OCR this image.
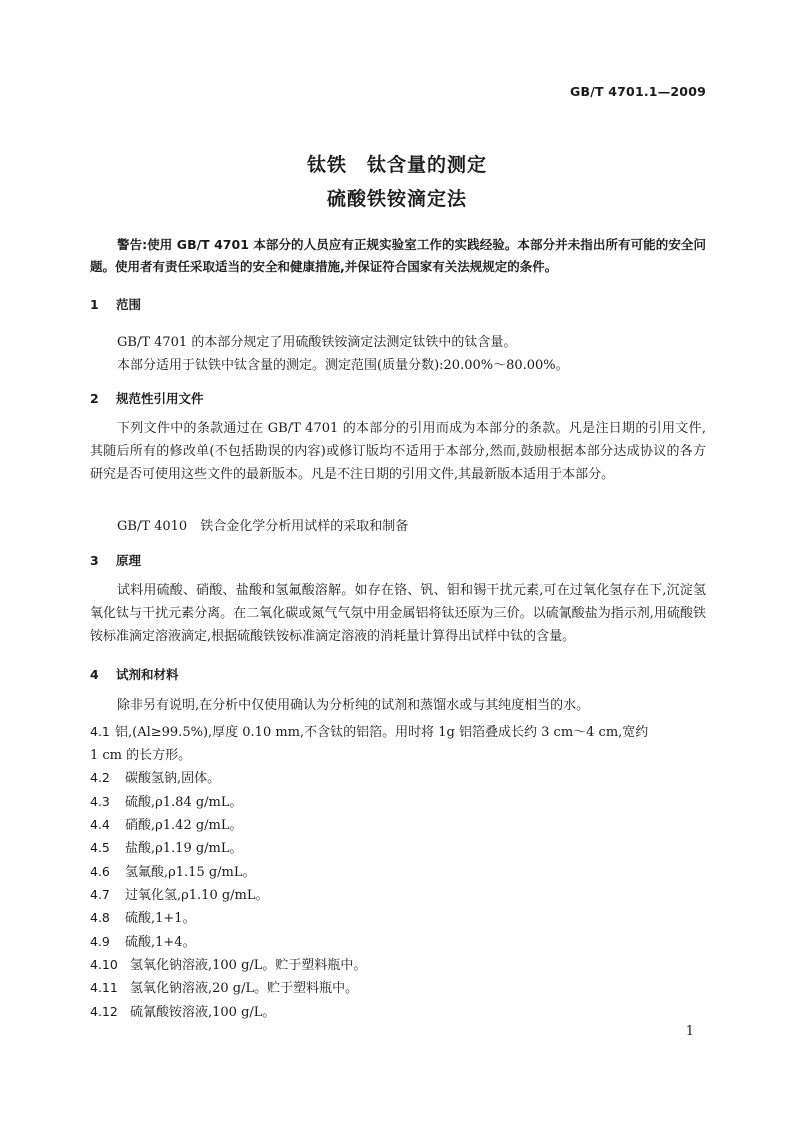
GB/T 4701.1—2009
钛铁　钛含量的测定
硫酸铁铵滴定法
警告:使用 GB/T 4701 本部分的人员应有正规实验室工作的实践经验。本部分并未指出所有可能的安全问题。使用者有责任采取适当的安全和健康措施,并保证符合国家有关法规规定的条件。
1 范围
GB/T 4701 的本部分规定了用硫酸铁铵滴定法测定钛铁中的钛含量。
本部分适用于钛铁中钛含量的测定。测定范围(质量分数):20.00%～80.00%。
2 规范性引用文件
下列文件中的条款通过在 GB/T 4701 的本部分的引用而成为本部分的条款。凡是注日期的引用文件,其随后所有的修改单(不包括勘误的内容)或修订版均不适用于本部分,然而,鼓励根据本部分达成协议的各方研究是否可使用这些文件的最新版本。凡是不注日期的引用文件,其最新版本适用于本部分。
GB/T 4010　铁合金化学分析用试样的采取和制备
3 原理
试料用硫酸、硝酸、盐酸和氢氟酸溶解。如存在铬、钒、钼和锡干扰元素,可在过氧化氢存在下,沉淀氢氧化钛与干扰元素分离。在二氧化碳或氮气气氛中用金属铝将钛还原为三价。以硫氰酸盐为指示剂,用硫酸铁铵标准滴定溶液滴定,根据硫酸铁铵标准滴定溶液的消耗量计算得出试样中钛的含量。
4 试剂和材料
除非另有说明,在分析中仅使用确认为分析纯的试剂和蒸馏水或与其纯度相当的水。
4.1 铝,(Al≥99.5%),厚度 0.10 mm,不含钛的铝箔。用时将 1g 铝箔叠成长约 3 cm～4 cm,宽约
1 cm 的长方形。
4.2 碳酸氢钠,固体。
4.3 硫酸,ρ1.84 g/mL。
4.4 硝酸,ρ1.42 g/mL。
4.5 盐酸,ρ1.19 g/mL。
4.6 氢氟酸,ρ1.15 g/mL。
4.7 过氧化氢,ρ1.10 g/mL。
4.8 硫酸,1+1。
4.9 硫酸,1+4。
4.10 氢氧化钠溶液,100 g/L。贮于塑料瓶中。
4.11 氢氧化钠溶液,20 g/L。贮于塑料瓶中。
4.12 硫氰酸铵溶液,100 g/L。
1
